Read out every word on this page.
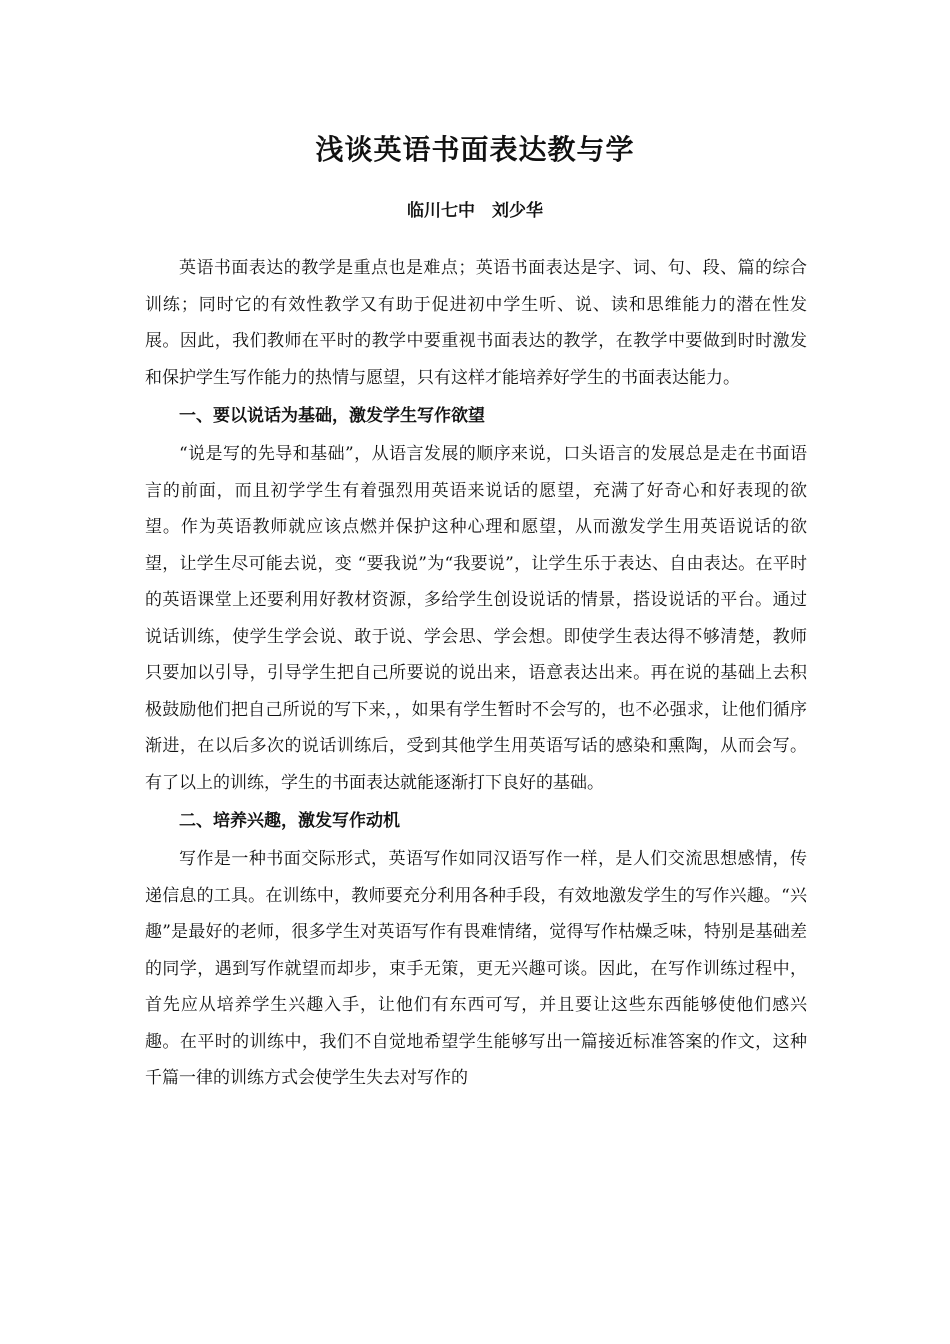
浅谈英语书面表达教与学
临川七中　刘少华

英语书面表达的教学是重点也是难点；英语书面表达是字、词、句、段、篇的综合训练；同时它的有效性教学又有助于促进初中学生听、说、读和思维能力的潜在性发展。因此，我们教师在平时的教学中要重视书面表达的教学，在教学中要做到时时激发和保护学生写作能力的热情与愿望，只有这样才能培养好学生的书面表达能力。

一、要以说话为基础，激发学生写作欲望

“说是写的先导和基础”，从语言发展的顺序来说，口头语言的发展总是走在书面语言的前面，而且初学学生有着强烈用英语来说话的愿望，充满了好奇心和好表现的欲望。作为英语教师就应该点燃并保护这种心理和愿望，从而激发学生用英语说话的欲望，让学生尽可能去说，变 “要我说”为“我要说”，让学生乐于表达、自由表达。在平时的英语课堂上还要利用好教材资源，多给学生创设说话的情景，搭设说话的平台。通过说话训练，使学生学会说、敢于说、学会思、学会想。即使学生表达得不够清楚，教师只要加以引导，引导学生把自己所要说的说出来，语意表达出来。再在说的基础上去积极鼓励他们把自己所说的写下来，，如果有学生暂时不会写的，也不必强求，让他们循序渐进，在以后多次的说话训练后，受到其他学生用英语写话的感染和熏陶，从而会写。有了以上的训练，学生的书面表达就能逐渐打下良好的基础。

二、培养兴趣，激发写作动机

写作是一种书面交际形式，英语写作如同汉语写作一样，是人们交流思想感情，传递信息的工具。在训练中，教师要充分利用各种手段，有效地激发学生的写作兴趣。“兴趣”是最好的老师，很多学生对英语写作有畏难情绪，觉得写作枯燥乏味，特别是基础差的同学，遇到写作就望而却步，束手无策，更无兴趣可谈。因此，在写作训练过程中，首先应从培养学生兴趣入手，让他们有东西可写，并且要让这些东西能够使他们感兴趣。在平时的训练中，我们不自觉地希望学生能够写出一篇接近标准答案的作文，这种千篇一律的训练方式会使学生失去对写作的
